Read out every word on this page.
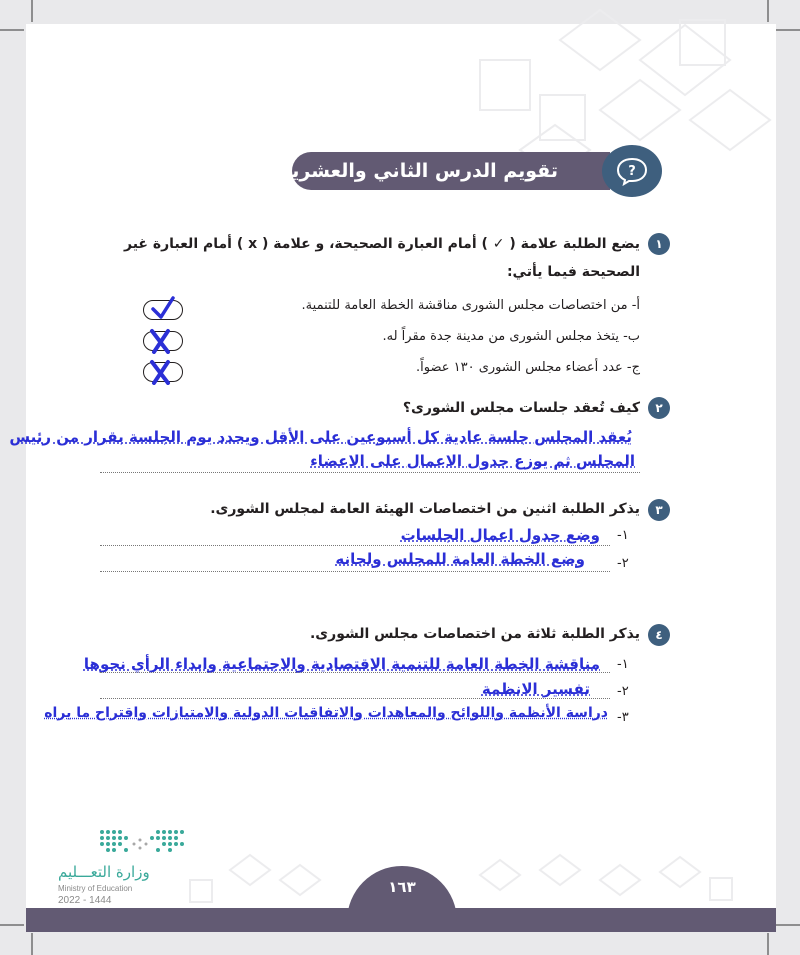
تقويم الدرس الثاني والعشرين	?
١
يضع الطلبة علامة ( ✓ ) أمام العبارة الصحيحة، و علامة ( x ) أمام العبارة غير
الصحيحة فيما يأتي:
أ- من اختصاصات مجلس الشورى مناقشة الخطة العامة للتنمية.
ب- يتخذ مجلس الشورى من مدينة جدة مقراً له.
ج- عدد أعضاء مجلس الشورى ١٣٠ عضواً.
٢
كيف تُعقد جلسات مجلس الشورى؟
يُعقد المجلس جلسة عادية كل أسبوعين على الأقل ويحدد يوم الجلسة بقرار من رئيس
المجلس ثم يوزع جدول الاعمال على الاعضاء
٣
يذكر الطلبة اثنين من اختصاصات الهيئة العامة لمجلس الشورى.
١-
وضع جدول اعمال الجلسات
٢-
وضع الخطة العامة للمجلس ولجانه
٤
يذكر الطلبة ثلاثة من اختصاصات مجلس الشورى.
١-
مناقشة الخطة العامة للتنمية الاقتصادية والاجتماعية وابداء الرأي نحوها
٢-
تفسير الانظمة
٣-
دراسة الأنظمة واللوائح والمعاهدات والاتفاقيات الدولية والامتيازات واقتراح ما يراه
١٦٣
وزارة التعـــليم
Ministry of Education
2022 - 1444
